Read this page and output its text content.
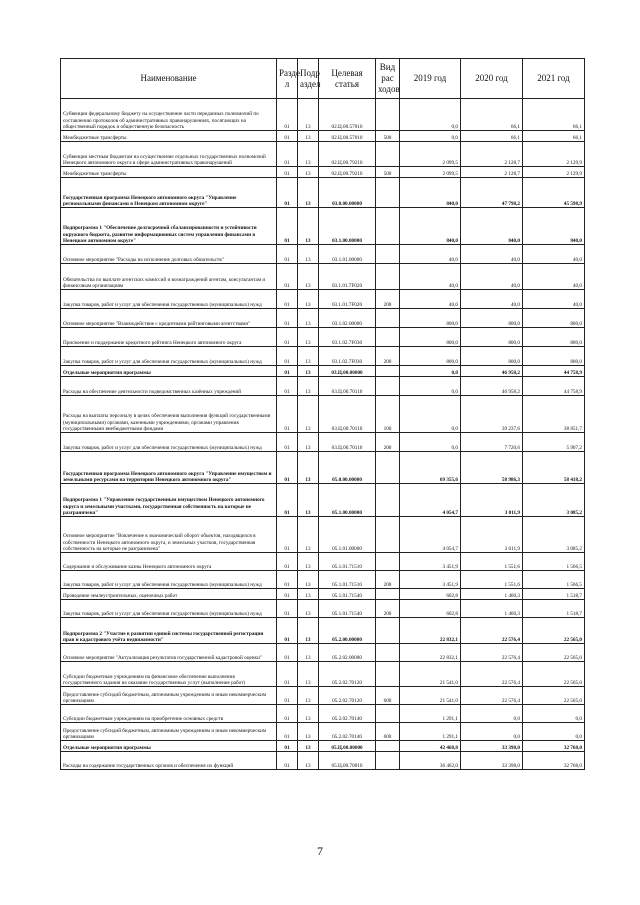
Наименование	Разде л	Подр аздел	Целевая статья	Вид рас ходов	2019 год	2020 год	2021 год
Субвенции федеральному бюджету на осуществление части переданных полномочий по составлению протоколов об административных правонарушениях, посягающих на общественный порядок и общественную безопасность	01	13	02.Ц.00.57010		0,0	66,1	66,1
Межбюджетные трансферты	01	13	02.Ц.00.57010	500	0,0	66,1	66,1
Субвенции местным бюджетам на осуществление отдельных государственных полномочий Ненецкого автономного округа в сфере административных правонарушений	01	13	02.Ц.00.79210		2 099,5	2 128,7	2 129,9
Межбюджетные трансферты	01	13	02.Ц.00.79210	500	2 099,5	2 128,7	2 129,9
Государственная программа Ненецкого автономного округа "Управление региональными финансами в Ненецком автономном округе"	01	13	03.0.00.00000		840,0	47 798,2	45 598,9
Подпрограмма 1 "Обеспечение долгосрочной сбалансированности и устойчивости окружного бюджета, развитие информационных систем управления финансами в Ненецком автономном округе"	01	13	03.1.00.00000		840,0	840,0	840,0
Основное мероприятие "Расходы на исполнение долговых обязательств"	01	13	03.1.01.00000		40,0	40,0	40,0
Обязательства по выплате агентских комиссий и вознаграждений агентам, консультантам и финансовым организациям	01	13	03.1.01.7F020		40,0	40,0	40,0
Закупка товаров, работ и услуг для обеспечения государственных (муниципальных) нужд	01	13	03.1.01.7F020	200	40,0	40,0	40,0
Основное мероприятие "Взаимодействие с кредитными рейтинговыми агентствами"	01	13	03.1.02.00000		800,0	800,0	800,0
Присвоение и поддержание кредитного рейтинга Ненецкого автономного округа	01	13	03.1.02.7F030		800,0	800,0	800,0
Закупка товаров, работ и услуг для обеспечения государственных (муниципальных) нужд	01	13	03.1.02.7F030	200	800,0	800,0	800,0
Отдельные мероприятия программы	01	13	03.Ц.00.00000		0,0	46 958,2	44 758,9
Расходы на обеспечение деятельности подведомственных казённых учреждений	01	13	03.Ц.00.70110		0,0	46 958,2	44 758,9
Расходы на выплаты персоналу в целях обеспечения выполнения функций государственными (муниципальными) органами, казенными учреждениями, органами управления государственными внебюджетными фондами	01	13	03.Ц.00.70110	100	0,0	39 237,6	38 851,7
Закупка товаров, работ и услуг для обеспечения государственных (муниципальных) нужд	01	13	03.Ц.00.70110	200	0,0	7 720,6	5 907,2
Государственная программа Ненецкого автономного округа "Управление имуществом и земельными ресурсами на территории Ненецкого автономного округа"	01	13	05.0.00.00000		69 355,6	58 986,3	58 418,2
Подпрограмма 1 "Управление государственным имуществом Ненецкого автономного округа и земельными участками, государственная собственность на которые не разграничена"	01	13	05.1.00.00000		4 054,7	3 011,9	3 085,2
Основное мероприятие "Вовлечение в экономический оборот объектов, находящихся в собственности Ненецкого автономного округа, и земельных участков, государственная собственность на которые не разграничена"	01	13	05.1.01.00000		4 054,7	3 011,9	3 085,2
Содержание и обслуживание казны Ненецкого автономного округа	01	13	05.1.01.71510		3 451,9	1 551,6	1 566,5
Закупка товаров, работ и услуг для обеспечения государственных (муниципальных) нужд	01	13	05.1.01.71510	200	3 451,9	1 551,6	1 566,5
Проведение землеустроительных, оценочных работ	01	13	05.1.01.71540		602,8	1 460,3	1 518,7
Закупка товаров, работ и услуг для обеспечения государственных (муниципальных) нужд	01	13	05.1.01.71540	200	602,8	1 460,3	1 518,7
Подпрограмма 2 "Участие в развитии единой системы государственной регистрации прав и кадастрового учёта недвижимости"	01	13	05.2.00.00000		22 832,1	22 576,4	22 565,0
Основное мероприятие "Актуализация результатов государственной кадастровой оценки"	01	13	05.2.02.00000		22 832,1	22 576,4	22 565,0
Субсидии бюджетным учреждениям на финансовое обеспечение выполнения государственного задания на оказание государственных услуг (выполнение работ)	01	13	05.2.02.70120		21 541,0	22 576,4	22 565,0
Предоставление субсидий бюджетным, автономным учреждениям и иным некоммерческим организациям	01	13	05.2.02.70120	600	21 541,0	22 576,4	22 565,0
Субсидии бюджетным учреждениям на приобретение основных средств	01	13	05.2.02.70140		1 291,1	0,0	0,0
Предоставление субсидий бюджетным, автономным учреждениям и иным некоммерческим организациям	01	13	05.2.02.70140	600	1 291,1	0,0	0,0
Отдельные мероприятия программы	01	13	05.Ц.00.00000		42 468,8	33 398,0	32 768,0
Расходы на содержание государственных органов и обеспечение их функций	01	13	05.Ц.00.70010		36 462,0	33 398,0	32 768,0
7
